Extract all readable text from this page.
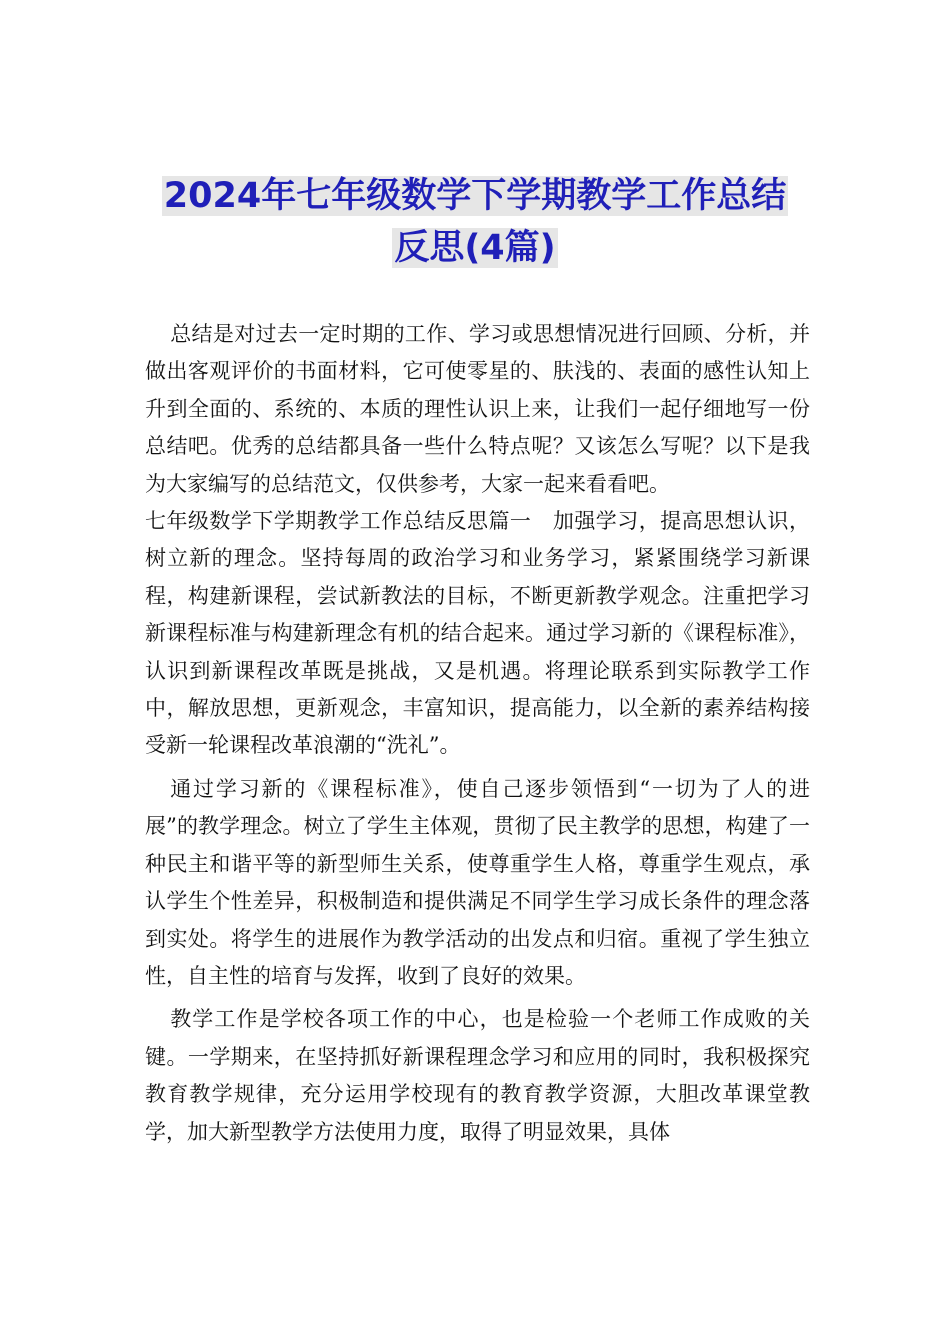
2024年七年级数学下学期教学工作总结
反思(4篇)

总结是对过去一定时期的工作、学习或思想情况进行回顾、分析，并做出客观评价的书面材料，它可使零星的、肤浅的、表面的感性认知上升到全面的、系统的、本质的理性认识上来，让我们一起仔细地写一份总结吧。优秀的总结都具备一些什么特点呢？又该怎么写呢？以下是我为大家编写的总结范文，仅供参考，大家一起来看看吧。

七年级数学下学期教学工作总结反思篇一　加强学习，提高思想认识，树立新的理念。坚持每周的政治学习和业务学习，紧紧围绕学习新课程，构建新课程，尝试新教法的目标，不断更新教学观念。注重把学习新课程标准与构建新理念有机的结合起来。通过学习新的《课程标准》，认识到新课程改革既是挑战，又是机遇。将理论联系到实际教学工作中，解放思想，更新观念，丰富知识，提高能力，以全新的素养结构接受新一轮课程改革浪潮的“洗礼”。

通过学习新的《课程标准》，使自己逐步领悟到“一切为了人的进展”的教学理念。树立了学生主体观，贯彻了民主教学的思想，构建了一种民主和谐平等的新型师生关系，使尊重学生人格，尊重学生观点，承认学生个性差异，积极制造和提供满足不同学生学习成长条件的理念落到实处。将学生的进展作为教学活动的出发点和归宿。重视了学生独立性，自主性的培育与发挥，收到了良好的效果。

教学工作是学校各项工作的中心，也是检验一个老师工作成败的关键。一学期来，在坚持抓好新课程理念学习和应用的同时，我积极探究教育教学规律，充分运用学校现有的教育教学资源，大胆改革课堂教学，加大新型教学方法使用力度，取得了明显效果，具体
